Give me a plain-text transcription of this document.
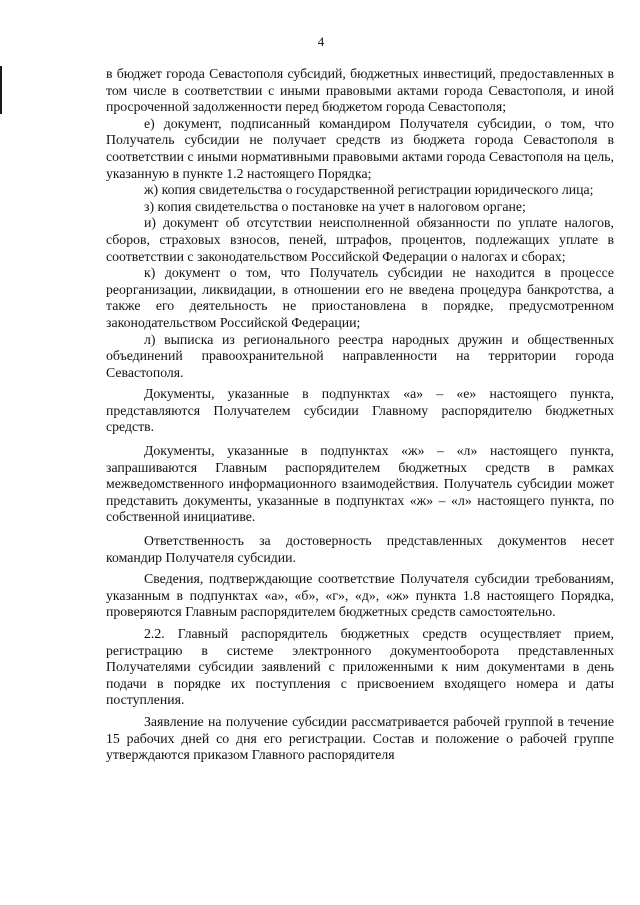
4

в бюджет города Севастополя субсидий, бюджетных инвестиций, предоставленных в том числе в соответствии с иными правовыми актами города Севастополя, и иной просроченной задолженности перед бюджетом города Севастополя;

е) документ, подписанный командиром Получателя субсидии, о том, что Получатель субсидии не получает средств из бюджета города Севастополя в соответствии с иными нормативными правовыми актами города Севастополя на цель, указанную в пункте 1.2 настоящего Порядка;

ж) копия свидетельства о государственной регистрации юридического лица;

з) копия свидетельства о постановке на учет в налоговом органе;

и) документ об отсутствии неисполненной обязанности по уплате налогов, сборов, страховых взносов, пеней, штрафов, процентов, подлежащих уплате в соответствии с законодательством Российской Федерации о налогах и сборах;

к) документ о том, что Получатель субсидии не находится в процессе реорганизации, ликвидации, в отношении его не введена процедура банкротства, а также его деятельность не приостановлена в порядке, предусмотренном законодательством Российской Федерации;

л) выписка из регионального реестра народных дружин и общественных объединений правоохранительной направленности на территории города Севастополя.

Документы, указанные в подпунктах «а» – «е» настоящего пункта, представляются Получателем субсидии Главному распорядителю бюджетных средств.

Документы, указанные в подпунктах «ж» – «л» настоящего пункта, запрашиваются Главным распорядителем бюджетных средств в рамках межведомственного информационного взаимодействия. Получатель субсидии может представить документы, указанные в подпунктах «ж» – «л» настоящего пункта, по собственной инициативе.

Ответственность за достоверность представленных документов несет командир Получателя субсидии.

Сведения, подтверждающие соответствие Получателя субсидии требованиям, указанным в подпунктах «а», «б», «г», «д», «ж» пункта 1.8 настоящего Порядка, проверяются Главным распорядителем бюджетных средств самостоятельно.

2.2. Главный распорядитель бюджетных средств осуществляет прием, регистрацию в системе электронного документооборота представленных Получателями субсидии заявлений с приложенными к ним документами в день подачи в порядке их поступления с присвоением входящего номера и даты поступления.

Заявление на получение субсидии рассматривается рабочей группой в течение 15 рабочих дней со дня его регистрации. Состав и положение о рабочей группе утверждаются приказом Главного распорядителя
